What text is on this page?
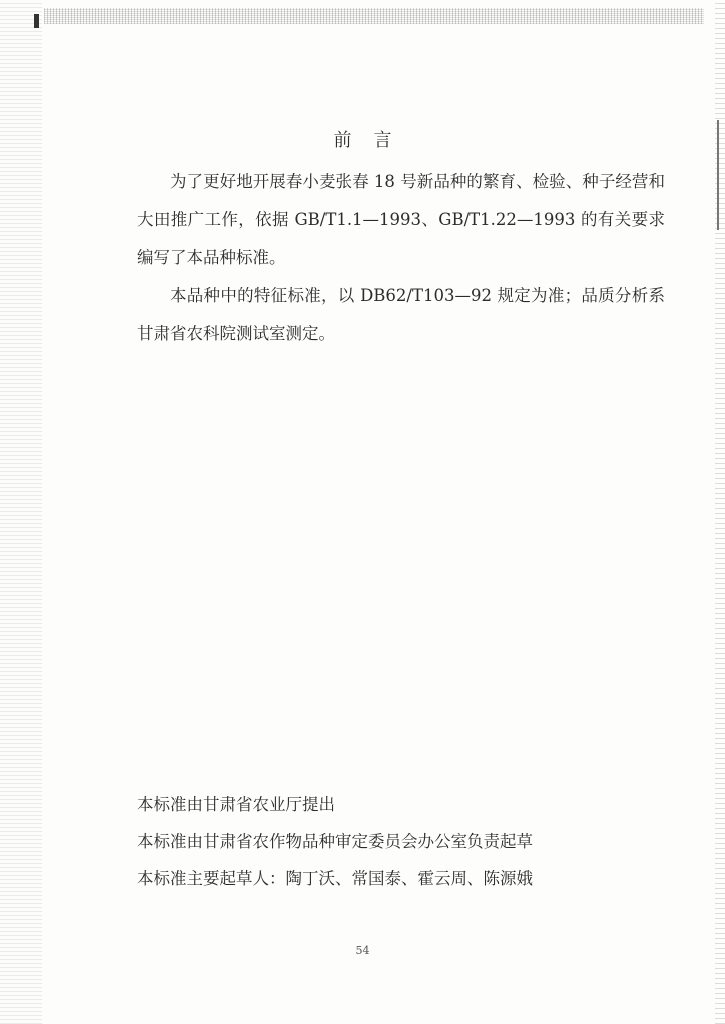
前言

为了更好地开展春小麦张春 18 号新品种的繁育、检验、种子经营和大田推广工作，依据 GB/T1.1—1993、GB/T1.22—1993 的有关要求编写了本品种标准。

本品种中的特征标准，以 DB62/T103—92 规定为准；品质分析系甘肃省农科院测试室测定。

本标准由甘肃省农业厅提出
本标准由甘肃省农作物品种审定委员会办公室负责起草
本标准主要起草人：陶丁沃、常国泰、霍云周、陈源娥
54
